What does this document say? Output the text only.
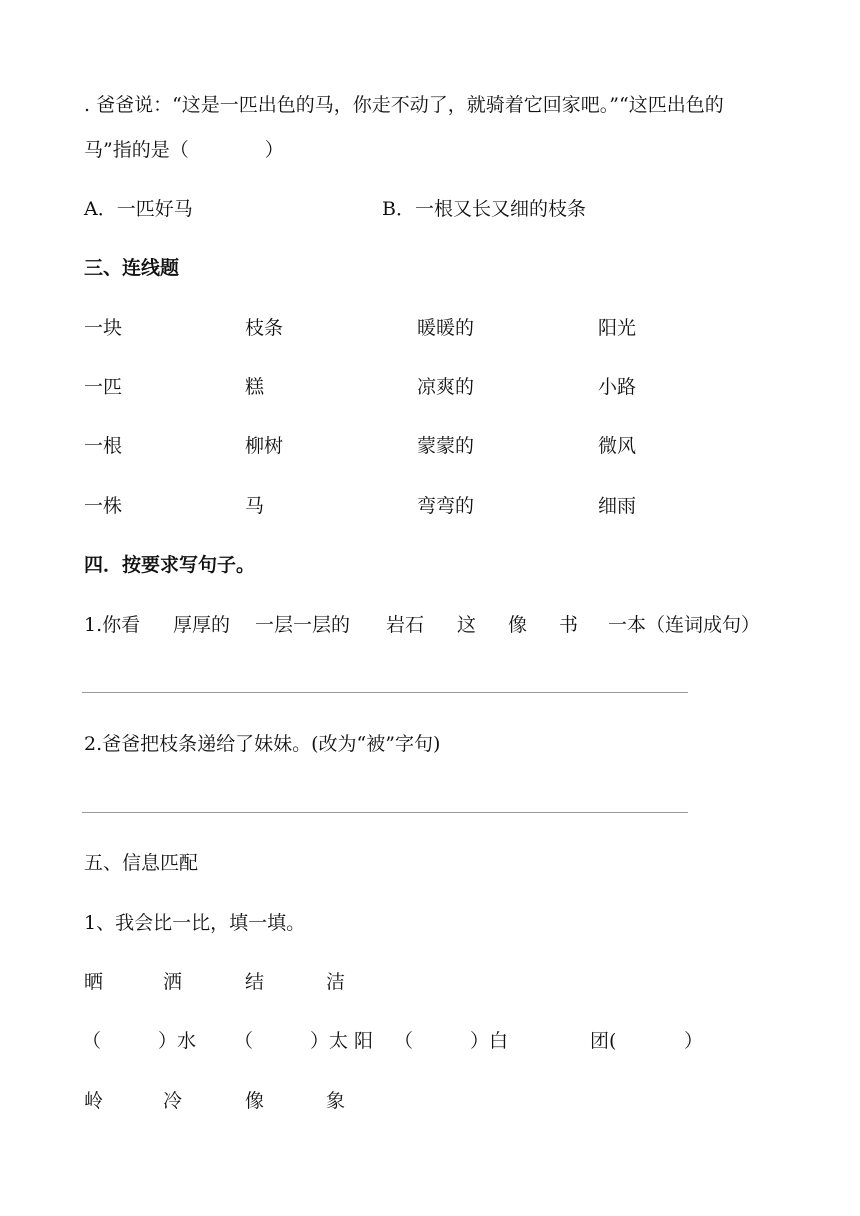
. 爸爸说：“这是一匹出色的马，你走不动了，就骑着它回家吧。”“这匹出色的
马”指的是（　　　　）
A．一匹好马	B．一根又长又细的枝条
三、连线题
一块	枝条	暖暖的	阳光
一匹	糕	凉爽的	小路
一根	柳树	蒙蒙的	微风
一株	马	弯弯的	细雨
四．按要求写句子。
1.你看 厚厚的 一层一层的 岩石 这 像 书 一本（连词成句）
2.爸爸把枝条递给了妹妹。(改为“被”字句)
五、信息匹配
1、我会比一比，填一填。
晒	洒	结	洁
（	）水 （	）太 阳 （	）白	团(	）
岭	冷	像	象
